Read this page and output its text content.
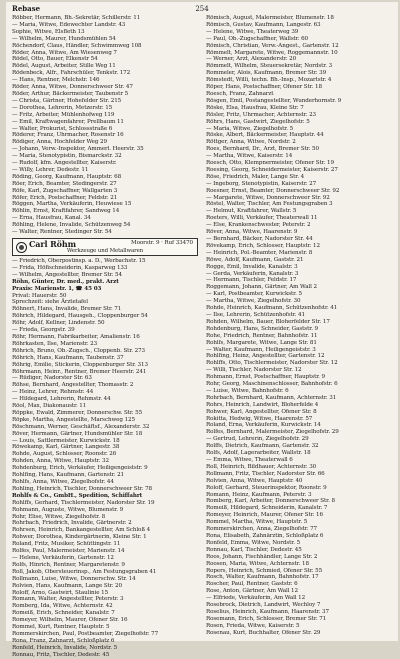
254
Rebase
Röbber, Hermann, Bh.-Sekretär, Schillerstr. 11
— Maria, Witwe, Edewechter Landstr. 43
Sophie, Witwe, Elsfleth 13
— Wilhelm, Maurer, Hundsmühlen 54
Röchendorf, Claus, Händler, Schwimmweg 108
Röder, Anna, Witwe, Am Wiesenweg 7
Rödel, Otto, Bauer, Elkenstr 54
Rödel, August, Arbeiter, Stille Weg 11
Rödenbeck, Alfr., Fahrschüler, Tenkstr. 172
— Hans, Rentner, Melchstr. 146
Röder, Anna, Witwe, Donnerschweer Str. 47
Röder, Arthur, Bäckermeister, Taubenstr 5
— Christa, Gärtner, Hohefelder Str. 215
— Dorothea, Lehrerin, Metzerstr. 15
— Fritz, Arbeiter, Mühlenhofweg 119
— Emil, Kraftwagenfahrer, Prellbaum 11
— Walter, Prokurist, Schlossstraße 6
Röderer, Franz, Uhrmacher, Rosenstr 16
Rödiger, Anna, Hochfelder Weg 29
— Johann, Verw.-Inspektor, Ammerl. Heerstr. 35
— Maria, Stenotypistin, Bismarckstr. 32
— Rudolf, kfm. Angestellter, Kaiserstr.
— Willy, Lehrer, Dedestr. 11
Röding, Georg, Kaufmann, Hauptstr. 68
Röer, Erich, Beamter, Stedingerstr. 27
Röfe, Karl, Zugschaffner, Wallgarten 3
Röfer, Erich, Postschaffner, Feldstr. 21
Röggen, Martha, Verkäuferin, Heuwiese 15
Röhlin, Ernst, Kraftfahrer, Sandweg 14
— Erna, Hausfrau, Kanal. 34
Röhling, Helene, Invalide, Schützenweg 54
— Walter, Rentner, Stedinger Str. 54
Carl Röhm	Moorstr. 9 · Ruf 33470
Werkzeuge und Metallwaren
— Friedrich, Oberpostinsp. a. D., Werbachstr. 15
— Frida, Höfischneiderin, Kasparweg 133
— Wilhelm, Angestellter, Bremer Str. 54
Röhn, Günter, Dr. med., prakt. Arzt
Praxis: Marienstr. 1, ☎ 45 03
Privat: Hauerstr. 50
Sprechzeit: siehe Ärztetafel
Röhnert, Hans, Invalide, Bremer Str. 71
Röhrich, Hildegard, Hausgeh., Cloppenburger 54
Röhr, Adolf, Kellner, Lindenstr. 50
— Frieda, Georgstr. 39
Röhr, Hermann, Fabrikarbeiter, Amalienstr. 16
Röhrkasten, Ilse, Marienstr. 23
Röhrich, Bruno, Ob.-Zugsch., Cloppenb. Str. 273
Röhrich, Hans, Kaufmann, Taubenstr. 37
Röhrig, Emilie, Stickerin, Cloppenburger Str. 313
Röhrmann, Heinr., Rentner, Bremer Heerstr. 241
— Rüdiger, Nadorster Str. 63
Röhse, Bernhard, Angestellter, Thomasstr. 2
— Heinz, Lehrer, Rehmstr. 44
— Hildegard, Lehrerin, Rehmstr. 44
Röol, Max, Diakonaustr. 11
Röppke, Ewald, Zimmerer, Donnerschw. Str. 55
Röpke, Martha, Angestellte, Marschweg 125
Röschmann, Werner, Geschäftsf., Alexanderstr. 32
Röver, Hermann, Gärtner, Hundsmühler Str. 18
— Louis, Sattlermeister, Kurwickstr. 18
Röwekamp, Karl, Gärtner, Langestr. 38
Rohde, August, Schlosser, Roonstr. 26
Rohden, Anna, Witwe, Hauptstr. 32
Rohdenburg, Erich, Verkäufer, Heiligengeiststr. 9
Rohlfing, Hans, Kaufmann, Gartenstr. 21
Rohlfs, Anna, Witwe, Ziegelhofstr. 44
Rohling, Heinrich, Tischler, Donnerschweer Str. 78
Rohlfs & Co., GmbH., Spedition, Schiffahrt
Rohlffs, Gerhard, Tischlermeister, Nadorster Str. 19
Rohmann, Auguste, Witwe, Blumenstr. 9
Rohr, Elise, Witwe, Ziegelhofstr. 8
Rohrbach, Friedrich, Invalide, Gärtnerstr. 2
Rohrsen, Heinrich, Bankangestellter, Am Schloß 4
Rohwer, Dorothea, Kindergärtnerin, Kleine Str. 1
Roland, Fritz, Musiker, Schüttingstr. 11
Rolfes, Paul, Malermeister, Marienstr. 14
— Helene, Verkäuferin, Gartenstr. 12
Rolfs, Hinrich, Rentner, Margaretenstr. 9
Roll, Jakob, Obersteuerinsp., Am Festungsgraben 41
Rollmann, Luise, Witwe, Donnerschw. Str. 14
Rolvien, Hans, Kaufmann, Lange Str. 20
Roloff, Arno, Gastwirt, Staulinie 15
Romann, Walter, Angestellter, Peterstr. 3
Romberg, Ida, Witwe, Achternstr. 42
Romeiß, Erich, Schneider, Kanalstr. 7
Romeyer, Wilhelm, Maurer, Ofener Str. 16
Rommel, Kurt, Rentner, Hauptstr. 5
Rommerskirchen, Paul, Postbeamter, Ziegelhofstr. 77
Rona, Franz, Zahnarzt, Schloßplatz 6
Ronfeld, Heinrich, Invalide, Nordstr. 5
Ronnau, Fritz, Tischler, Dedestr. 45
Römisch, August, Malermeister, Blumenstr. 18
Römisch, Gustav, Kaufmann, Langestr. 63
— Helene, Witwe, Theaterweg 39
— Paul, Ob.-Zugschaffner, Wallstr. 60
Römisch, Christian, Verw.-Angest., Gartenstr. 12
Römmelt, Margarete, Witwe, Roggemannstr. 10
— Werner, Arzt, Alexanderstr. 20
Römmelt, Wilhelm, Steuersekretär, Nordstr. 3
Rommeler, Alois, Kaufmann, Bremer Str. 39
Römstedt, Willi, techn. Bh.-Insp., Mozartstr. 4
Röper, Hans, Postschaffner, Ofener Str. 18
Roesch, Franz, Zahnarzt
Rösgen, Emil, Postangestellter, Wunderhornstr. 9
Röske, Elsa, Hausfrau, Kleine Str. 7
Rösler, Fritz, Uhrmacher, Achternstr. 23
Röhrs, Hans, Gastwirt, Ziegelhofstr. 5
— Maria, Witwe, Ziegelhofstr. 5
Röske, Albert, Bäckermeister, Hauptstr. 44
Röttger, Anna, Witwe, Nordstr. 2
Roes, Bernhard, Dr., Arzt, Bremer Str. 50
— Martha, Witwe, Kaiserstr. 14
Roesch, Otto, Klempnermeister, Ofener Str. 19
Roesing, Georg, Schneidermeister, Kaiserstr. 27
Röse, Friedrich, Maler, Lange Str. 4
— Ingeborg, Stenotypistin, Kaiserstr. 27
Roesner, Ernst, Beamter, Donnerschweer Str. 92
— Margarete, Witwe, Donnerschweer Str. 92
Röstel, Walter, Tischler, Am Festungsgraben 3
— Helmut, Kraftfahrer, Wallstr. 5
Roeters, Willi, Verkäufer, Theaterwall 11
— Else, Krankenschwester, Peterstr. 2
Röver, Anna, Witwe, Haarenstr. 9
— Bernhard, Bäcker, Nadorster Str. 44
Rövekamp, Erich, Schlosser, Hauptstr. 12
— Heinrich, Pol.-Beamter, Marienstr. 8
Röwe, Adolf, Kaufmann, Gaststr. 21
Rogge, Emil, Invalide, Kanalstr. 3
— Gerda, Verkäuferin, Kanalstr. 3
— Hermann, Tischler, Feldstr. 17
Roggemann, Johann, Gärtner, Am Wall 2
— Karl, Postbeamter, Kurwickstr. 5
— Martha, Witwe, Ziegelhofstr. 30
Rohde, Heinrich, Kaufmann, Schützenhofstr. 41
— Ilse, Lehrerin, Schützenhofstr. 41
Rohden, Wilhelm, Bauer, Bloherfelder Str. 17
Rohdenburg, Hans, Schneider, Gaststr. 9
Rohe, Friedrich, Rentner, Bahnhofstr. 11
Rohlfs, Margarete, Witwe, Lange Str. 81
— Walter, Kaufmann, Heiligengeiststr. 3
Rohlfing, Heinz, Angestellter, Gartenstr. 12
Rohlffs, Otto, Tischlermeister, Nadorster Str. 12
— Willi, Tischler, Nadorster Str. 12
Rohmann, Ernst, Postschaffner, Hauptstr. 9
Rohr, Georg, Maschinenschlosser, Bahnhofstr. 6
— Luise, Witwe, Bahnhofstr. 6
Rohrbach, Bernhard, Kaufmann, Achternstr. 31
Rohrs, Heinrich, Landwirt, Bloherfelde 4
Rohwer, Karl, Angestellter, Ofener Str. 8
Rokitta, Hedwig, Witwe, Haarenstr. 57
Roland, Erna, Verkäuferin, Kurwickstr. 14
Rolfes, Bernhard, Malermeister, Ziegelhofstr. 29
— Gertrud, Lehrerin, Ziegelhofstr. 29
Rolffs, Dietrich, Kaufmann, Gartenstr. 32
Rolfs, Adolf, Lagerarbeiter, Wallstr. 18
— Emma, Witwe, Theaterwall 6
Roll, Heinrich, Bildhauer, Achternstr. 30
Rollmann, Fritz, Tischler, Nadorster Str. 66
Rolvien, Anna, Witwe, Hauptstr. 40
Roloff, Gerhard, Steuerinspektor, Roonstr. 9
Romann, Heinz, Kaufmann, Peterstr. 3
Romberg, Karl, Arbeiter, Donnerschweer Str. 8
Romeiß, Hildegard, Schneiderin, Kanalstr. 7
Romeyer, Heinrich, Maurer, Ofener Str. 16
Rommel, Martha, Witwe, Hauptstr. 5
Rommerskirchen, Anna, Ziegelhofstr. 77
Rona, Elisabeth, Zahnärztin, Schloßplatz 6
Ronfeld, Emma, Witwe, Nordstr. 5
Ronnau, Karl, Tischler, Dedestr. 45
Roos, Johann, Fischhändler, Lange Str. 2
Roosen, Maria, Witwe, Achternstr. 18
Ropers, Heinrich, Schmied, Ofener Str. 55
Rosch, Walter, Kaufmann, Bahnhofstr. 17
Roscher, Paul, Rentner, Gaststr. 6
Rose, Anton, Gärtner, Am Wall 12
— Elfriede, Verkäuferin, Am Wall 12
Rosebrock, Dietrich, Landwirt, Wechloy 7
Roselius, Heinrich, Kaufmann, Haarenstr. 37
Rosemann, Erich, Schlosser, Bremer Str. 71
Rosen, Frieda, Witwe, Kaiserstr. 5
Rosenau, Kurt, Buchhalter, Ofener Str. 29
